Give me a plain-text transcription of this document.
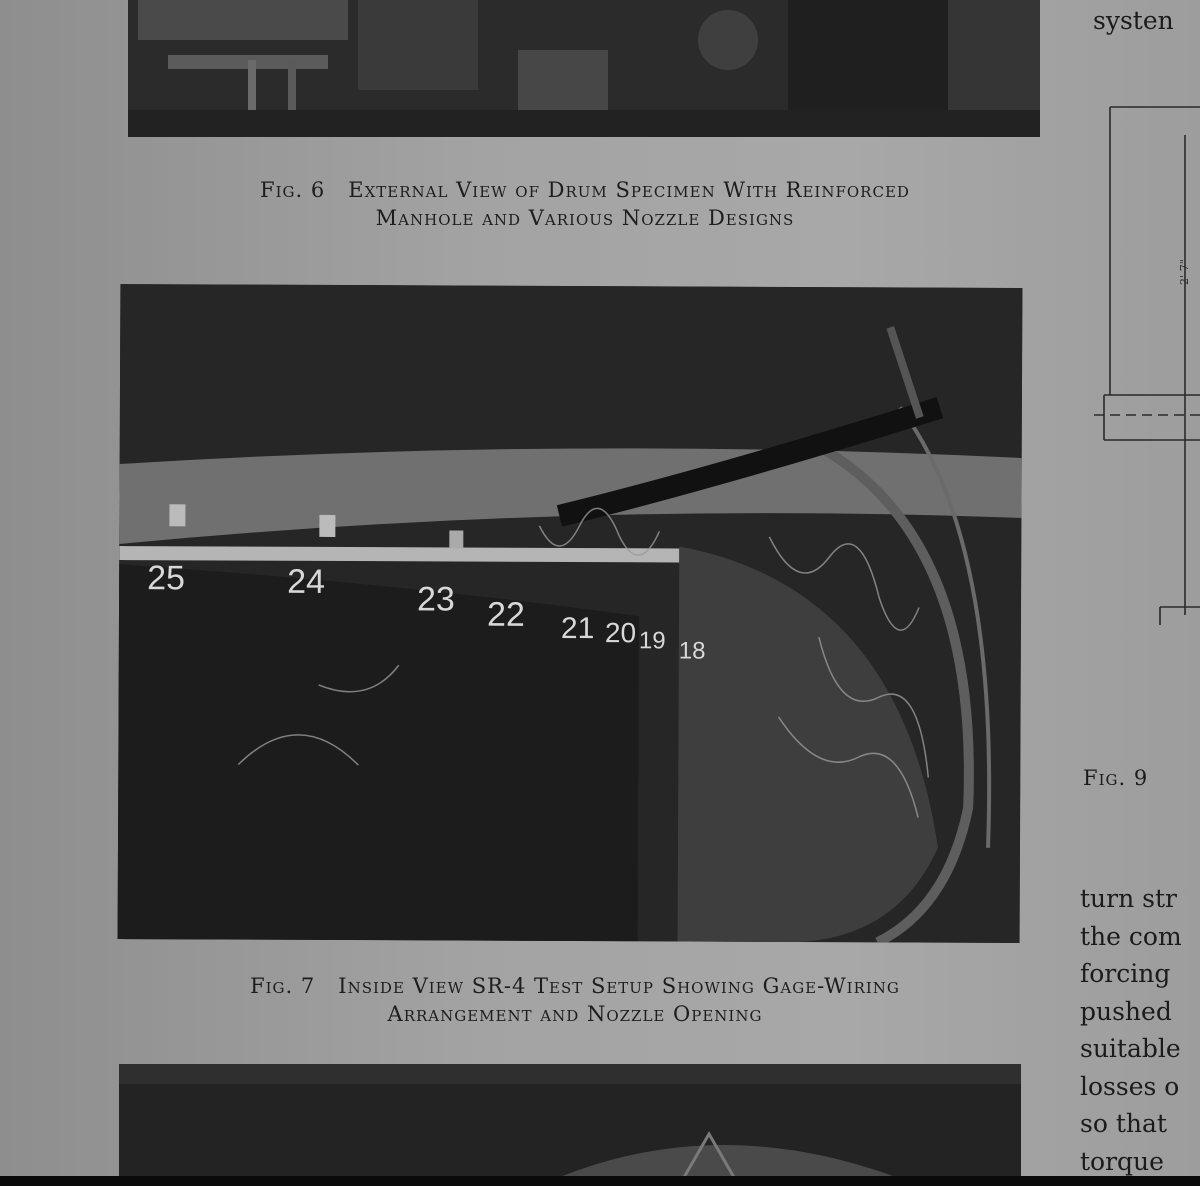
Fig. 6 External View of Drum Specimen With Reinforced
Manhole and Various Nozzle Designs
25	24	23 22 21 20 19 18
Fig. 7 Inside View SR-4 Test Setup Showing Gage-Wiring
Arrangement and Nozzle Opening
systen
2'-7"
Fig. 9
turn str
the com
forcing
pushed
suitable
losses o
so that
torque
